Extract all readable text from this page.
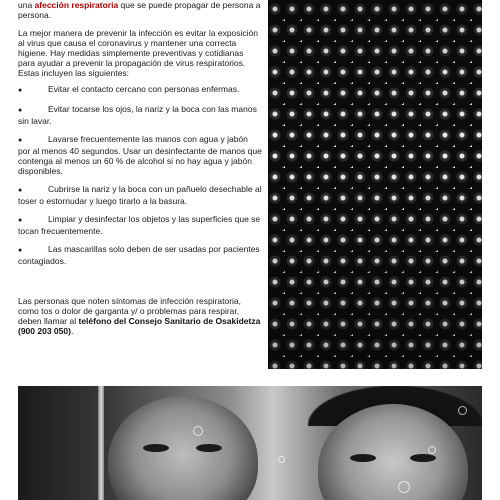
una afección respiratoria que se puede propagar de persona a persona.

La mejor manera de prevenir la infección es evitar la exposición al virus que causa el coronavirus y mantener una correcta higiene. Hay medidas simplemente preventivas y cotidianas para ayudar a prevenir la propagación de virus respiratorios. Estas incluyen las siguientes:

●	Evitar el contacto cercano con personas enfermas.
●	Evitar tocarse los ojos, la nariz y la boca con las manos sin lavar.
●	Lavarse frecuentemente las manos con agua y jabón por al menos 40 segundos. Usar un desinfectante de manos que contenga al menos un 60 % de alcohol si no hay agua y jabón disponibles.
●	Cubrirse la nariz y la boca con un pañuelo desechable al toser o estornudar y luego tirarlo a la basura.
●	Limpiar y desinfectar los objetos y las superficies que se tocan frecuentemente.
●	Las mascarillas solo deben de ser usadas por pacientes contagiados.

Las personas que noten síntomas de infección respiratoria, como tos o dolor de garganta y/ o problemas para respirar, deben llamar al teléfono del Consejo Sanitario de Osakidetza (900 203 050).
